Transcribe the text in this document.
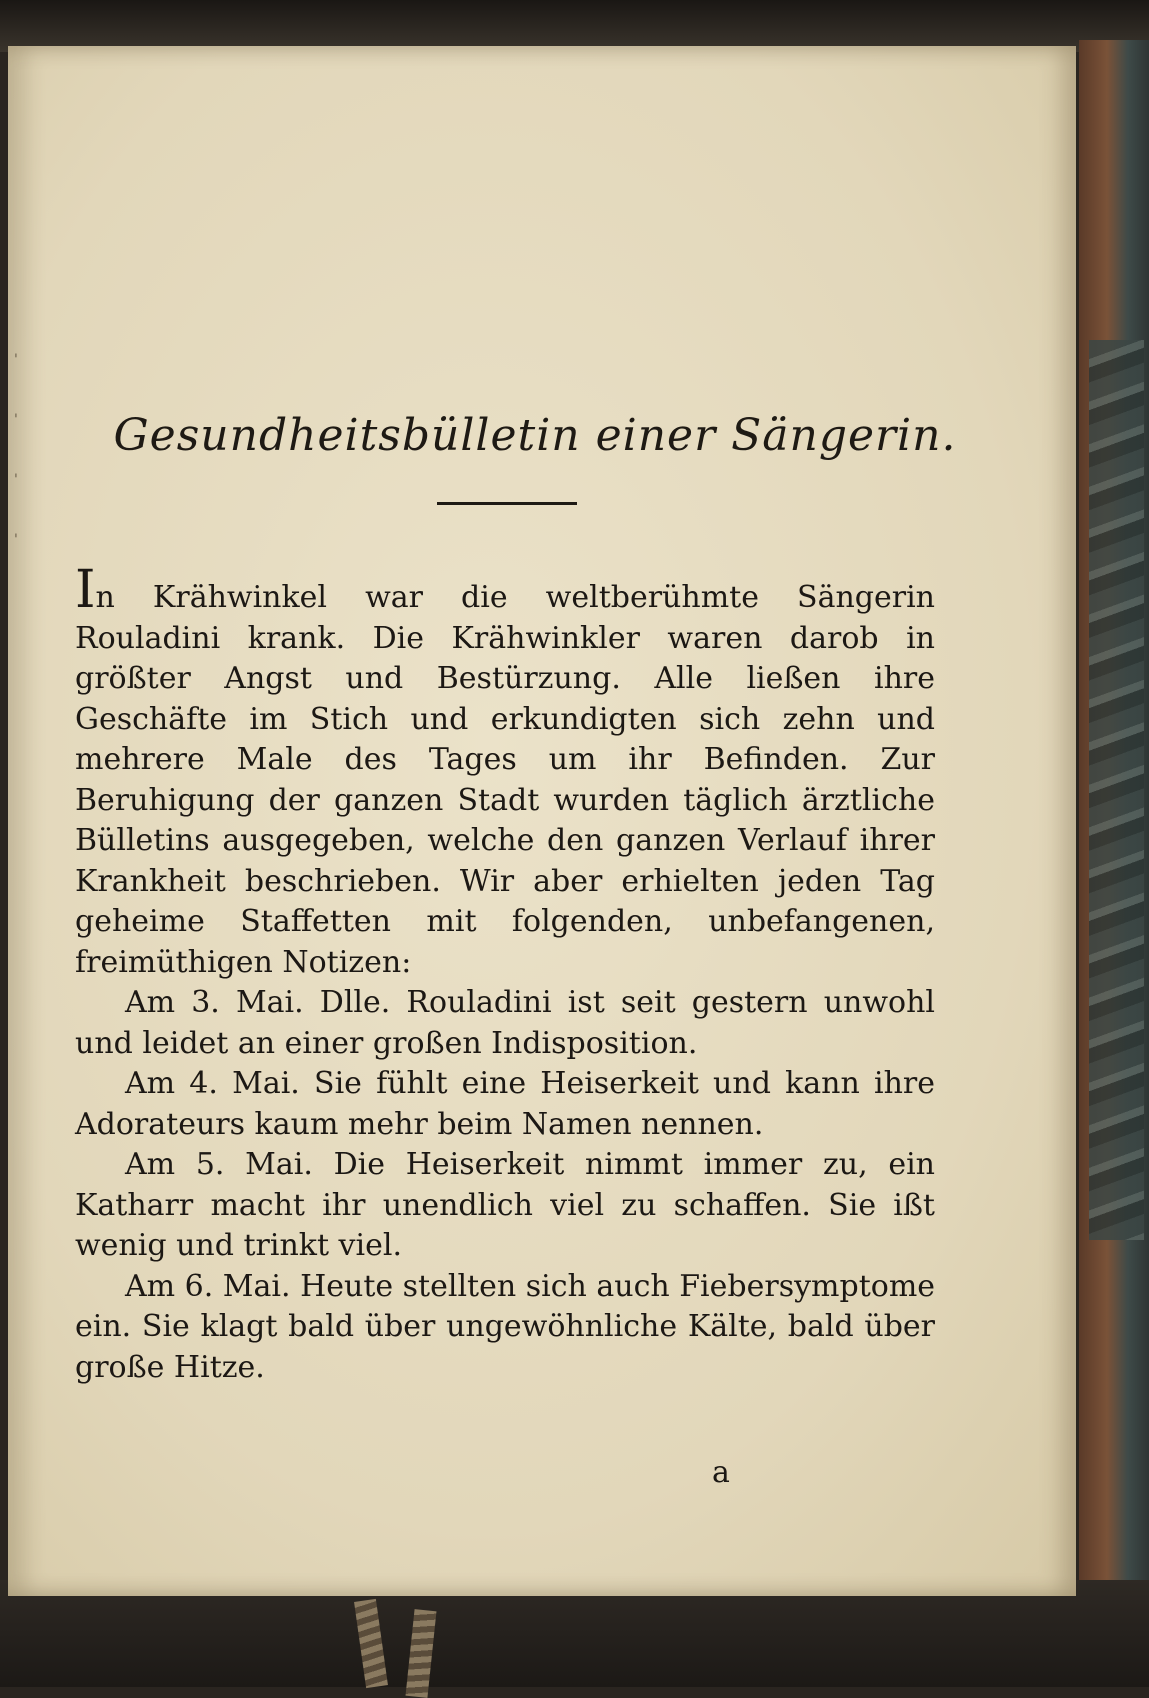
'
'
'
'

Gesundheitsbülletin einer Sängerin.

In Krähwinkel war die weltberühmte Sängerin Rouladini krank. Die Krähwinkler waren darob in größter Angst und Bestürzung. Alle ließen ihre Geschäfte im Stich und erkundigten sich zehn und mehrere Male des Tages um ihr Befinden. Zur Beruhigung der ganzen Stadt wurden täglich ärztliche Bülletins ausgegeben, welche den ganzen Verlauf ihrer Krankheit beschrieben. Wir aber erhielten jeden Tag geheime Staffetten mit folgenden, unbefangenen, freimüthigen Notizen:

Am 3. Mai. Dlle. Rouladini ist seit gestern unwohl und leidet an einer großen Indisposition.

Am 4. Mai. Sie fühlt eine Heiserkeit und kann ihre Adorateurs kaum mehr beim Namen nennen.

Am 5. Mai. Die Heiserkeit nimmt immer zu, ein Katharr macht ihr unendlich viel zu schaffen. Sie ißt wenig und trinkt viel.

Am 6. Mai. Heute stellten sich auch Fiebersymptome ein. Sie klagt bald über ungewöhnliche Kälte, bald über große Hitze.

a
